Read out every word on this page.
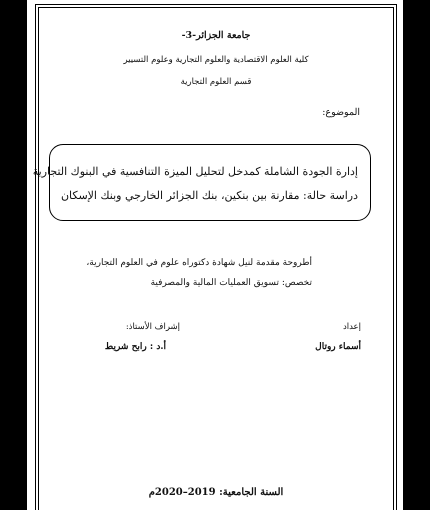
جامعة الجزائر-3-
كلية العلوم الاقتصادية والعلوم التجارية وعلوم التسيير
قسم العلوم التجارية
الموضوع:
إدارة الجودة الشاملة كمدخل لتحليل الميزة التنافسية في البنوك التجارية
دراسة حالة: مقارنة بين بنكين، بنك الجزائر الخارجي وبنك الإسكان
أطروحة مقدمة لنيل شهادة دكتوراه علوم في العلوم التجارية،
تخصص: تسويق العمليات المالية والمصرفية
إعداد
إشراف الأستاذ:
أسماء روتال
أ.د : رابح شريط
السنة الجامعية: 2019–2020م
